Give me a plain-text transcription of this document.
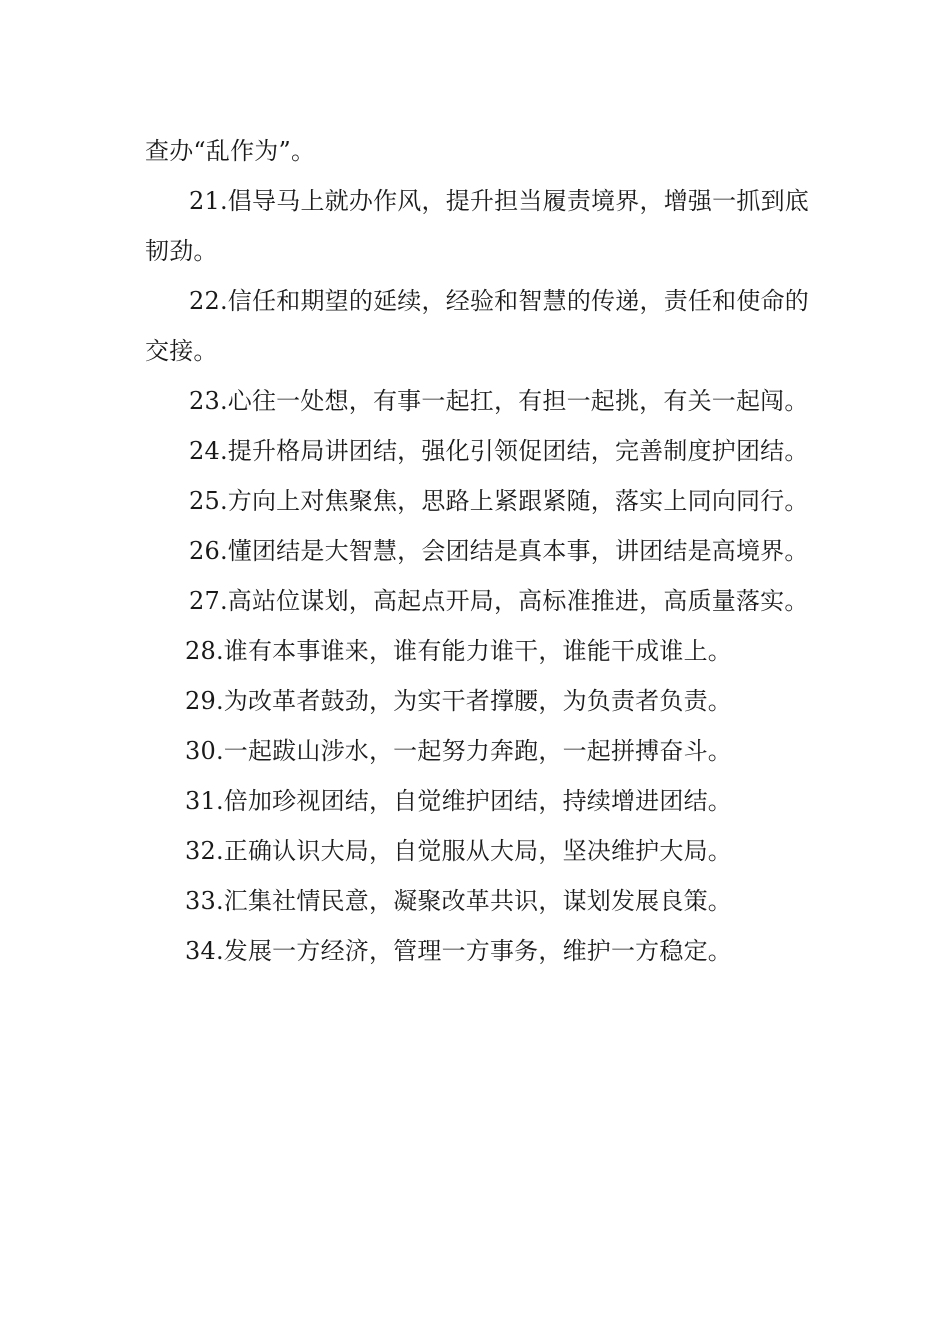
查办“乱作为”。

21.倡导马上就办作风，提升担当履责境界，增强一抓到底韧劲。

22.信任和期望的延续，经验和智慧的传递，责任和使命的交接。

23.心往一处想，有事一起扛，有担一起挑，有关一起闯。

24.提升格局讲团结，强化引领促团结，完善制度护团结。

25.方向上对焦聚焦，思路上紧跟紧随，落实上同向同行。

26.懂团结是大智慧，会团结是真本事，讲团结是高境界。

27.高站位谋划，高起点开局，高标准推进，高质量落实。

28.谁有本事谁来，谁有能力谁干，谁能干成谁上。

29.为改革者鼓劲，为实干者撑腰，为负责者负责。

30.一起跋山涉水，一起努力奔跑，一起拼搏奋斗。

31.倍加珍视团结，自觉维护团结，持续增进团结。

32.正确认识大局，自觉服从大局，坚决维护大局。

33.汇集社情民意，凝聚改革共识，谋划发展良策。

34.发展一方经济，管理一方事务，维护一方稳定。
